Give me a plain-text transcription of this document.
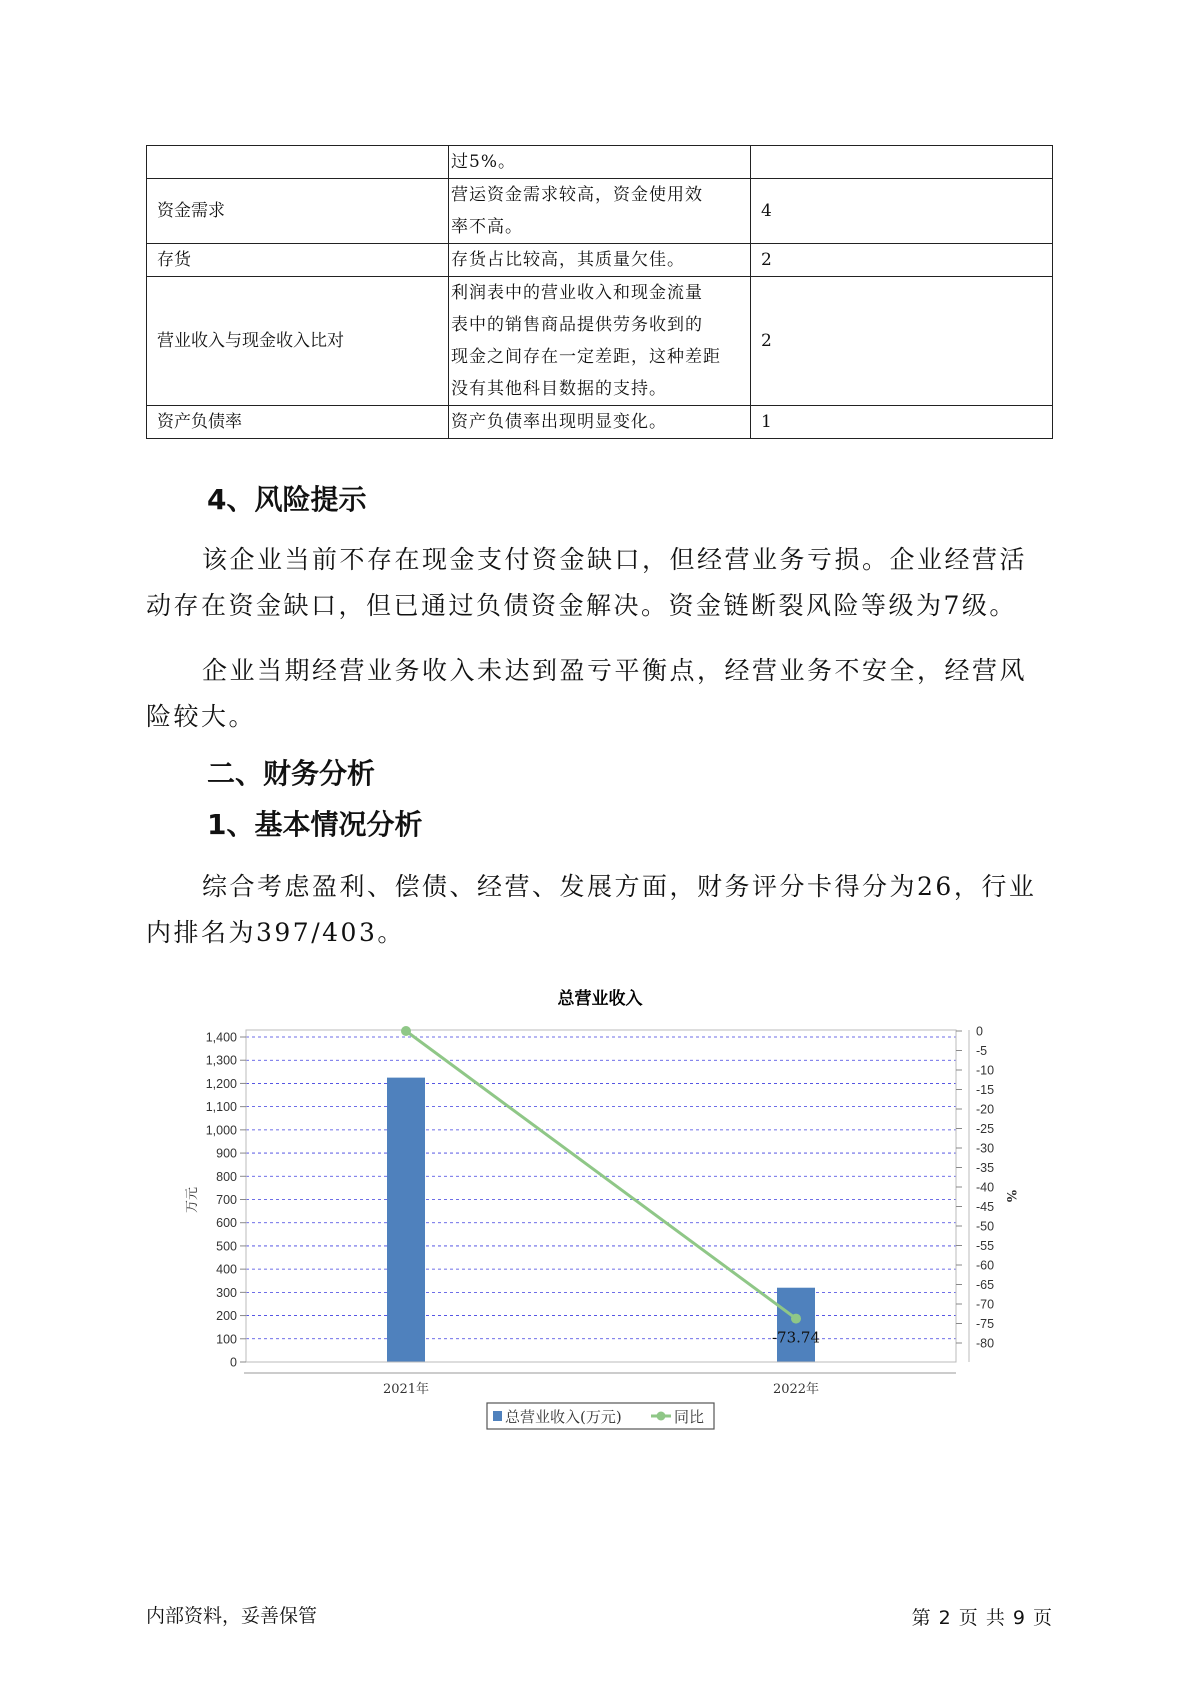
	过5%。	

资金需求	营运资金需求较高，资金使用效
率不高。	4
存货	存货占比较高，其质量欠佳。	2
营业收入与现金收入比对	利润表中的营业收入和现金流量
表中的销售商品提供劳务收到的
现金之间存在一定差距，这种差距
没有其他科目数据的支持。	2
资产负债率	资产负债率出现明显变化。	1
4、风险提示

该企业当前不存在现金支付资金缺口，但经营业务亏损。企业经营活
动存在资金缺口，但已通过负债资金解决。资金链断裂风险等级为7级。

企业当期经营业务收入未达到盈亏平衡点，经营业务不安全，经营风
险较大。

二、财务分析
1、基本情况分析

综合考虑盈利、偿债、经营、发展方面，财务评分卡得分为26，行业
内排名为397/403。

总营业收入
0
100
200
300
400
500
600
700
800
900
1,000
1,100
1,200
1,300
1,400	0
-5
-10
-15
-20
-25
-30
-35
-40
-45
-50
-55
-60
-65
-70
-75
-80
2021年	2022年
万元	%
-73.74
总营业收入(万元)	同比

内部资料，妥善保管	第 2 页 共 9 页
